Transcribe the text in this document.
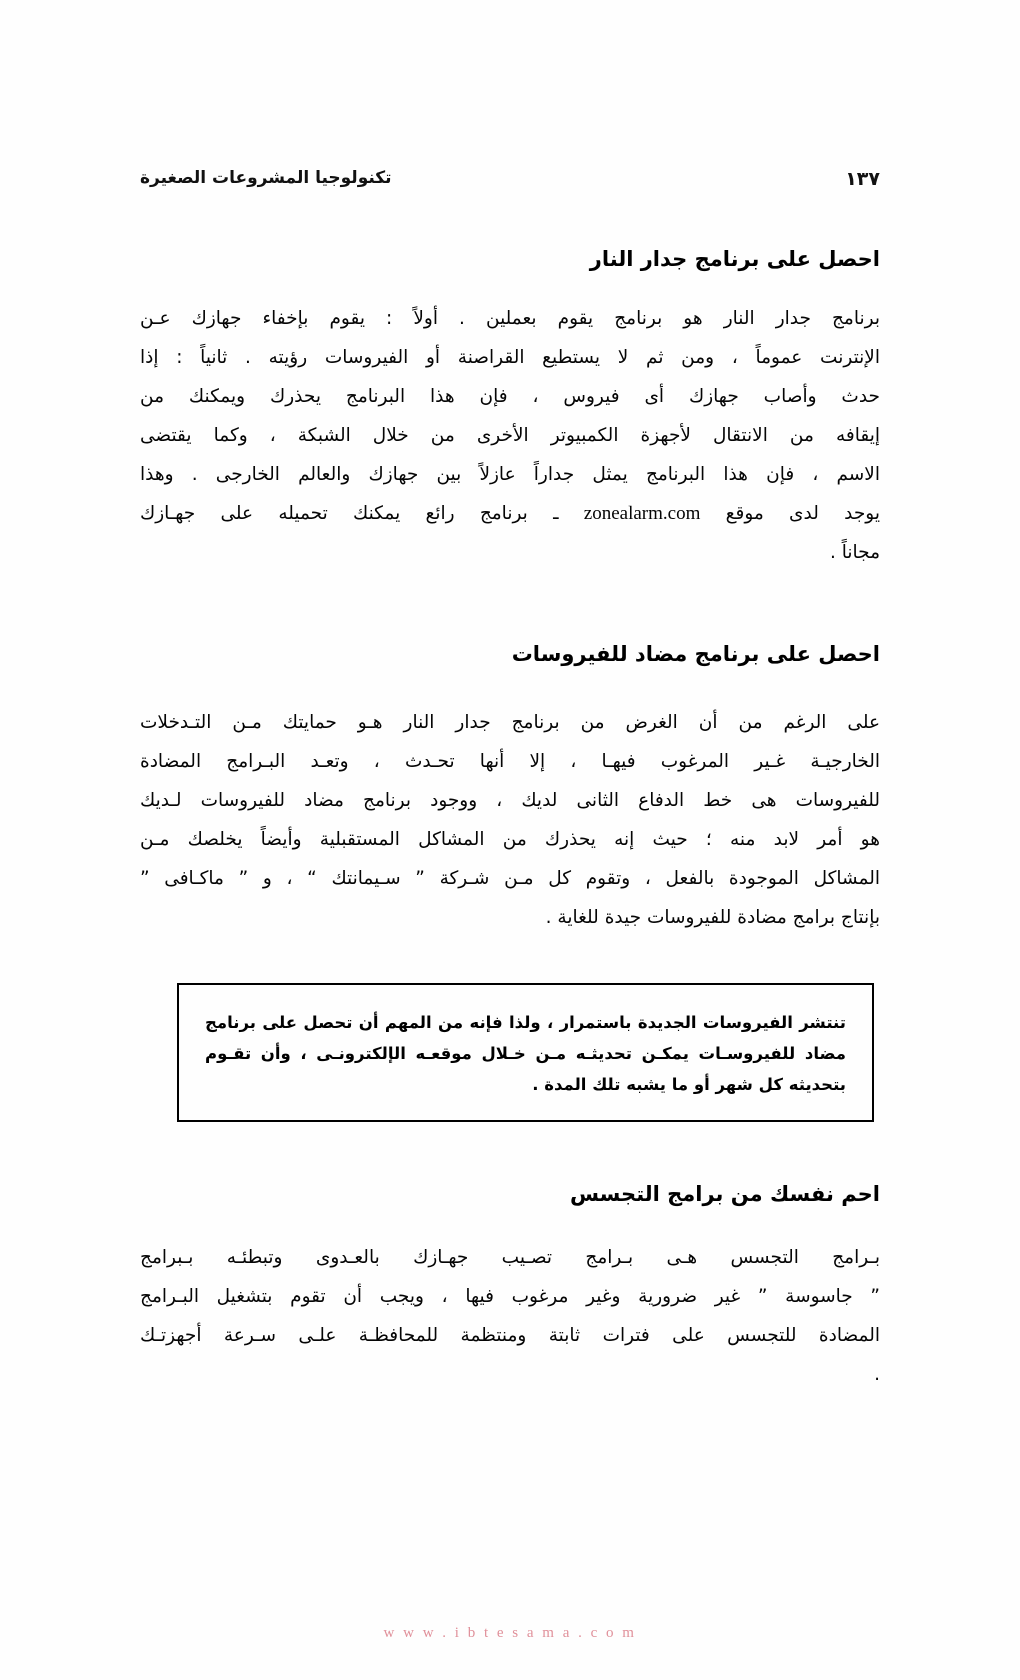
تكنولوجيا المشروعات الصغيرة	١٣٧
احصل على برنامج جدار النار
برنامج جدار النار هو برنامج يقوم بعملين . أولاً : يقوم بإخفاء جهازك عـن
الإنترنت عموماً ، ومن ثم لا يستطيع القراصنة أو الفيروسات رؤيته . ثانياً : إذا
حدث وأصاب جهازك أى فيروس ، فإن هذا البرنامج يحذرك ويمكنك من
إيقافه من الانتقال لأجهزة الكمبيوتر الأخرى من خلال الشبكة ، وكما يقتضى
الاسم ، فإن هذا البرنامج يمثل جداراً عازلاً بين جهازك والعالم الخارجى . وهذا
يوجد لدى موقع zonealarm.com ـ برنامج رائع يمكنك تحميله على جهـازك
مجاناً .
احصل على برنامج مضاد للفيروسات
على الرغم من أن الغرض من برنامج جدار النار هـو حمايتك مـن التـدخلات
الخارجيـة غـير المرغوب فيهـا ، إلا أنها تحـدث ، وتعـد البـرامج المضادة
للفيروسات هى خط الدفاع الثانى لديك ، ووجود برنامج مضاد للفيروسات لـديك
هو أمر لابد منه ؛ حيث إنه يحذرك من المشاكل المستقبلية وأيضاً يخلصك مـن
المشاكل الموجودة بالفعل ، وتقوم كل مـن شـركة ” سـيمانتك “ ، و ” ماكـافى ”
بإنتاج برامج مضادة للفيروسات جيدة للغاية .
تنتشر الفيروسات الجديدة باستمرار ، ولذا فإنه من المهم أن تحصل على برنامج
مضاد للفيروسـات يمكـن تحديثـه مـن خـلال موقعـه الإلكترونـى ، وأن تقـوم
بتحديثه كل شهر أو ما يشبه تلك المدة .
احم نفسك من برامج التجسس
بـرامج التجسس هـى بـرامج تصـيب جهـازك بالعـدوى وتبطئـه بـبرامج
” جاسوسة ” غير ضرورية وغير مرغوب فيها ، ويجب أن تقوم بتشغيل البـرامج
المضادة للتجسس على فترات ثابتة ومنتظمة للمحافظـة علـى سـرعة أجهزتـك
.
w w w . i b t e s a m a . c o m
